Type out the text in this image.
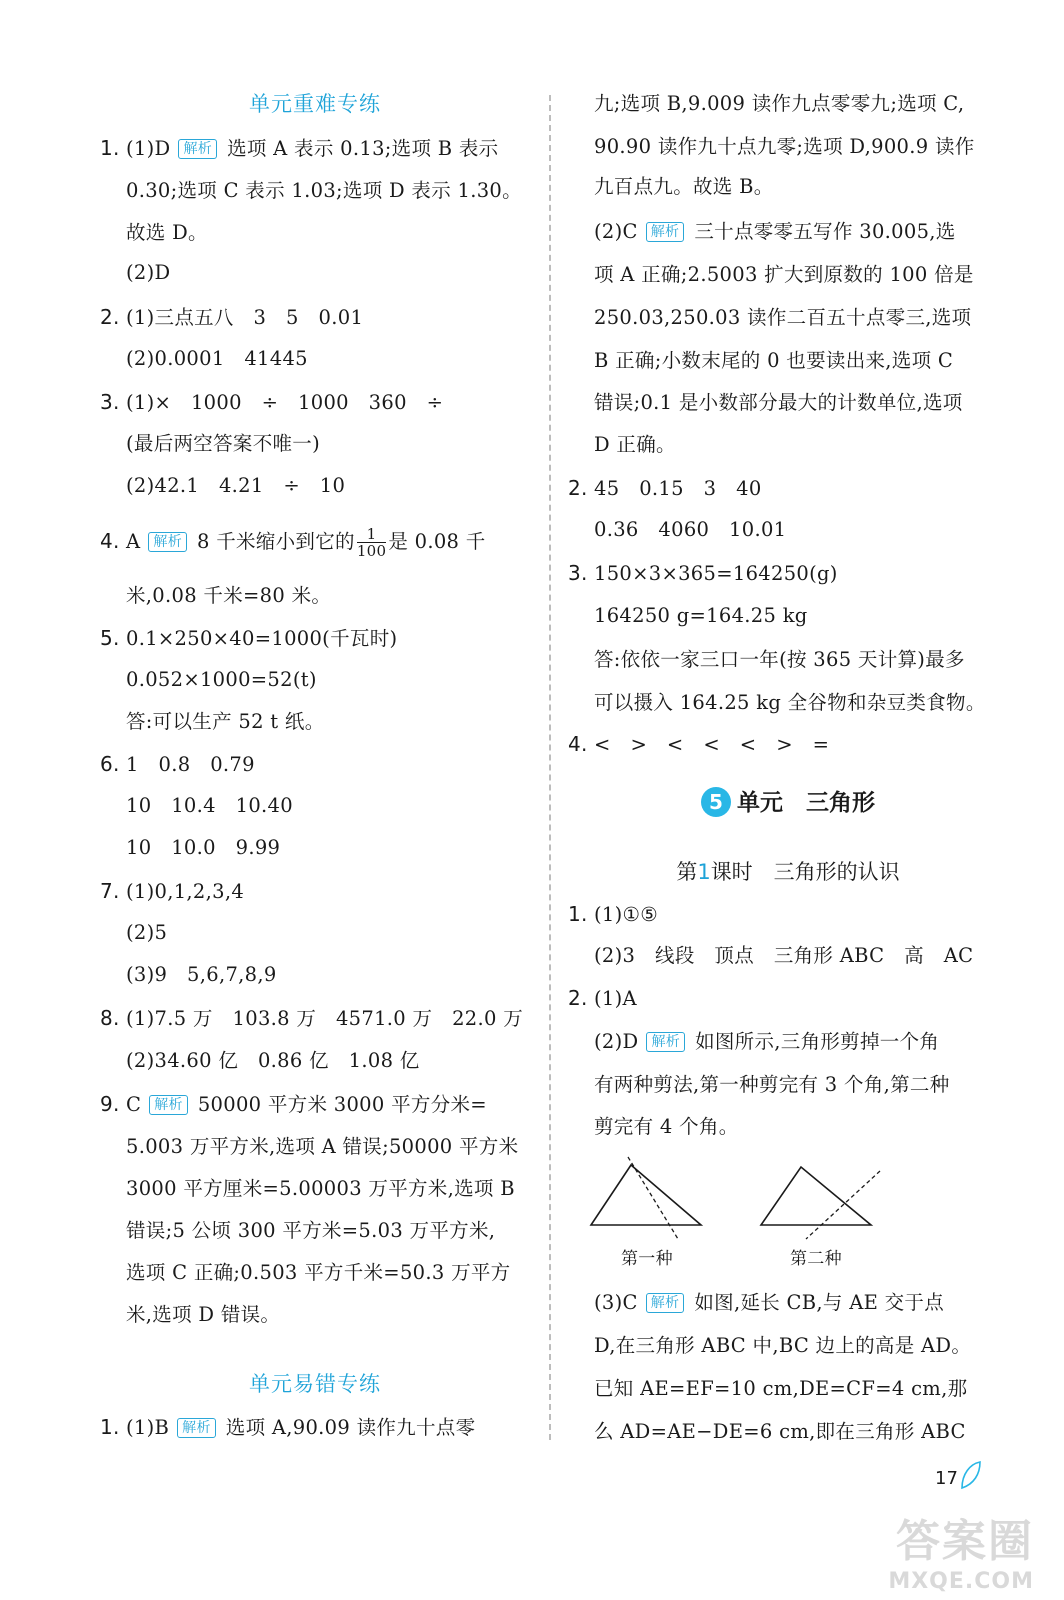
单元重难专练
1. (1)D 解析 选项 A 表示 0.13;选项 B 表示
0.30;选项 C 表示 1.03;选项 D 表示 1.30。
故选 D。
(2)D
2. (1)三点五八　3　5　0.01
(2)0.0001　41445
3. (1)×　1000　÷　1000　360　÷
(最后两空答案不唯一)
(2)42.1　4.21　÷　10
4. A 解析 8 千米缩小到它的 $\frac{1}{100}$ 是 0.08 千
米,0.08 千米=80 米。
5. 0.1×250×40=1000(千瓦时)
0.052×1000=52(t)
答:可以生产 52 t 纸。
6. 1　0.8　0.79
10　10.4　10.40
10　10.0　9.99
7. (1)0,1,2,3,4
(2)5
(3)9　5,6,7,8,9
8. (1)7.5 万　103.8 万　4571.0 万　22.0 万
(2)34.60 亿　0.86 亿　1.08 亿
9. C 解析 50000 平方米 3000 平方分米=
5.003 万平方米,选项 A 错误;50000 平方米
3000 平方厘米=5.00003 万平方米,选项 B
错误;5 公顷 300 平方米=5.03 万平方米,
选项 C 正确;0.503 平方千米=50.3 万平方
米,选项 D 错误。
单元易错专练
1. (1)B 解析 选项 A,90.09 读作九十点零
九;选项 B,9.009 读作九点零零九;选项 C,
90.90 读作九十点九零;选项 D,900.9 读作
九百点九。故选 B。
(2)C 解析 三十点零零五写作 30.005,选
项 A 正确;2.5003 扩大到原数的 100 倍是
250.03,250.03 读作二百五十点零三,选项
B 正确;小数末尾的 0 也要读出来,选项 C
错误;0.1 是小数部分最大的计数单位,选项
D 正确。
2. 45　0.15　3　40
0.36　4060　10.01
3. 150×3×365=164250(g)
164250 g=164.25 kg
答:依依一家三口一年(按 365 天计算)最多
可以摄入 164.25 kg 全谷物和杂豆类食物。
4. <　>　<　<　<　>　=
5 单元　三角形
第1课时　三角形的认识
1. (1)①⑤
(2)3　线段　顶点　三角形 ABC　高　AC
2. (1)A
(2)D 解析 如图所示,三角形剪掉一个角
有两种剪法,第一种剪完有 3 个角,第二种
剪完有 4 个角。
第一种	第二种
(3)C 解析 如图,延长 CB,与 AE 交于点
D,在三角形 ABC 中,BC 边上的高是 AD。
已知 AE=EF=10 cm,DE=CF=4 cm,那
么 AD=AE−DE=6 cm,即在三角形 ABC
17
答案圈
MXQE.COM
